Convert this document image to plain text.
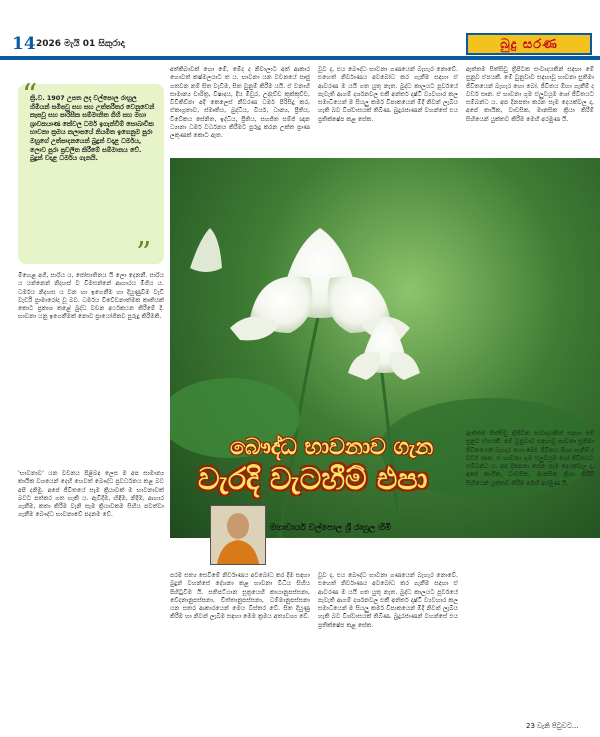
14 2026 මැයි 01 සිකුරාදා	බුදු සරණ
“
ක්‍රි.ව. 1907 උපත ලද වල්පොල රාහුල හිමියන් සමීපවූ සහ සහ උත්තරීතර වෙනුවෙන් කැපවූ සහ පාරිසීක සම්මානිත ගිහි සහ මහා ශ්‍රාවකයාණ කේවල ධර්ම ඉගැන්වීම් සොබාවික භාවනා ක්‍රමය කලාපයේ නියමිත ඉගෙනුම පුරා ඔහුගේ උත්පාදනයෙන් බුදුන් වදාළ ධර්මය, ලොව පුරා ප්‍රචලිත කිරීමේ සම්මානය වේ. බුදුන් වදාළ ධර්මය ගැනයි.
”

අත්කිබාවක් හො මේ, මේද ද නිවාලාට අත් ආකාර හොවත් කෂ්මලයාට ත ය. භාවනා යන වචනයේ සෘජු ගතවන නම් සිත වැඩීම, සිත වුනුම් කිරීම යයි. ඒ වනාහි සාමාන්‍ය චාරිත්‍ර, විෂාදය, දීය මිඩුර, උද්දච්ච කුක්කුච්ච, විචිකිච්ඡා අදී කෙලෙස් නීවරණ ධර්ම පිරිසිදු කර, ඒකාග්‍රතාව, ස්මෘතිය, බුද්ධිය, වීර්ය, ධාන්‍ය, ප්‍රීතිය, විවේකය සේනිත, ඉද්ධිය, ප්‍රීතිය, සහජිත සම්ජ් ඥාන ධ්‍යානා ධර්ම වර්ධනය කිරීමට පුරුදු කරන උක්ත ප්‍රාණ ලකුණක් කොට ඇත.

වූව ද, එය බෞද්ධ භාවනා ගණයෙන් බැහැර නොවේ. එහෙත් නිර්වාණය අවබෝධ කර ගැනීම සඳහා ඒ ආවරණ ම යයි ගත යුතු නැත. බුද්ධ කාලයට පූර්වයේ පැවැති ආගම් දර්ශනවල එකී අන්තර් දෘෂ්ටි ව්‍යවහාර කල සමාධියෙන් ම සියලු කර්ම විපාකයෙන් මිදී නිවන් ලැබීය හැකි බව විශ්වාසයක් තිබිණ. බුදුරජාණන් වහන්සේ එය ප්‍රතික්ෂේප කළ සේක.

ඇත්තම සිත්සිඩු ත්‍රිපිටක සංවාදයකින් සඳහා මේ සුනුව ඒපයකී. මේ වුනුවාව සඳහාවූ භාවනා සුතිමා ජීවිතයෙන් බැහැර හො බෝ. ජීවිතය ඕහා ගැනීම් ද වර්ඩ සෘන. ඒ භාවනා ගුම ඒලුවයූම ශෝ ජීවිතයට සම්බන්ධ ය. අප දිනපතා කරන සෑම දෙයක්වල ද, අපේ කායික, වාචසික, මානසික ක්‍රියා කිරීම් සිහියෙන් යුක්තව කිරීම මෙහි අරමුණ යි.

මිහෙළ අගී, සාරිය ය, ජෝසාතිනය යි ලො දෙනනී. සාරිය ය යන්නෙන් නිදහස් ව විමසන්නේ ආහාරය මිගිය ය. ධර්මය නිදහස ය වන හා ඉගෙනීම හා දියුණුවීම වැඩි වැර්ඩි ප්‍රාමාරෝද වූ බව. ධර්මය විවේචනාත්මක කෘතියක් කොට ප්‍රකාශ කළේ බුද්ධ වචන අර්ථකථන කිරීමේ දී. භාවනා යනු ඉගෙනීමක් නොව ප්‍රායෝගිකව පුරුදු කිරීමකි.

'භාවනාව' යන වචනය පිළිබඳ ලෙස ම අප සාමාන්‍ය කායික වශයෙන් දෙහි හෙවත් බෞද්ධ ප්‍රවර්ධනය කළ බව අපි දනිමු. අපේ ජීවිතයේ සෑම ක්‍රියාවක් ම භාවනාවක් බවට පත්කර ගත හැකි ය. ඇවිදීම, හිඳීම, නිදීම, ආහාර ගැනීම, කතා කිරීම වැනි සෑම ක්‍රියාවකම සිහිය පවත්වා ගැනීම බෞද්ධ භාවනාවේ පදනම වේ.

බෞද්ධ භාවනාව ගැන
වැරදි වැටහීම් එපා
මහාචාර්ය වල්පොල ශ්‍රී රාහුල හිමි

පරම සත්‍ය සෙවීමේ නිර්වාණය අවබෝධ කර දීම සඳහා බුදුන් වහන්සේ දේශනා කළ භාවනා විධිය සිහිය පිහිටුවීම යි. සතිපට්ඨාන සූත්‍රයෙහි කායානුපස්සනා, වේදනානුපස්සනා, චිත්තානුපස්සනා, ධම්මානුපස්සනා යන සතර ආකාරයෙන් මෙය විස්තර වේ. සිත දියුණු කිරීම හා නිවන් ලැබීම සඳහා මෙම ක්‍රමය අත්‍යවශ්‍ය වේ.

වූව ද, එය බෞද්ධ භාවනා ගණයෙන් බැහැර නොවේ. එහෙත් නිර්වාණය අවබෝධ කර ගැනීම සඳහා ඒ ආවරණ ම යයි ගත යුතු නැත. බුද්ධ කාලයට පූර්වයේ පැවැති ආගම් දර්ශනවල එකී අන්තර් දෘෂ්ටි ව්‍යවහාර කල සමාධියෙන් ම සියලු කර්ම විපාකයෙන් මිදී නිවන් ලැබීය හැකි බව විශ්වාසයක් තිබිණ. බුදුරජාණන් වහන්සේ එය ප්‍රතික්ෂේප කළ සේක.

ඇත්තම සිත්සිඩු ත්‍රිපිටක සංවාදයකින් සඳහා මේ සුනුව ඒපයකී. මේ වුනුවාව සඳහාවූ භාවනා සුතිමා ජීවිතයෙන් බැහැර හො බෝ. ජීවිතය ඕහා ගැනීම් ද වර්ඩ සෘන. ඒ භාවනා ගුම ඒලුවයූම ශෝ ජීවිතයට සම්බන්ධ ය. අප දිනපතා කරන සෑම දෙයක්වල ද, අපේ කායික, වාචසික, මානසික ක්‍රියා කිරීම් සිහියෙන් යුක්තව කිරීම මෙහි අරමුණ යි.

23 වැනි පිටුවට...
